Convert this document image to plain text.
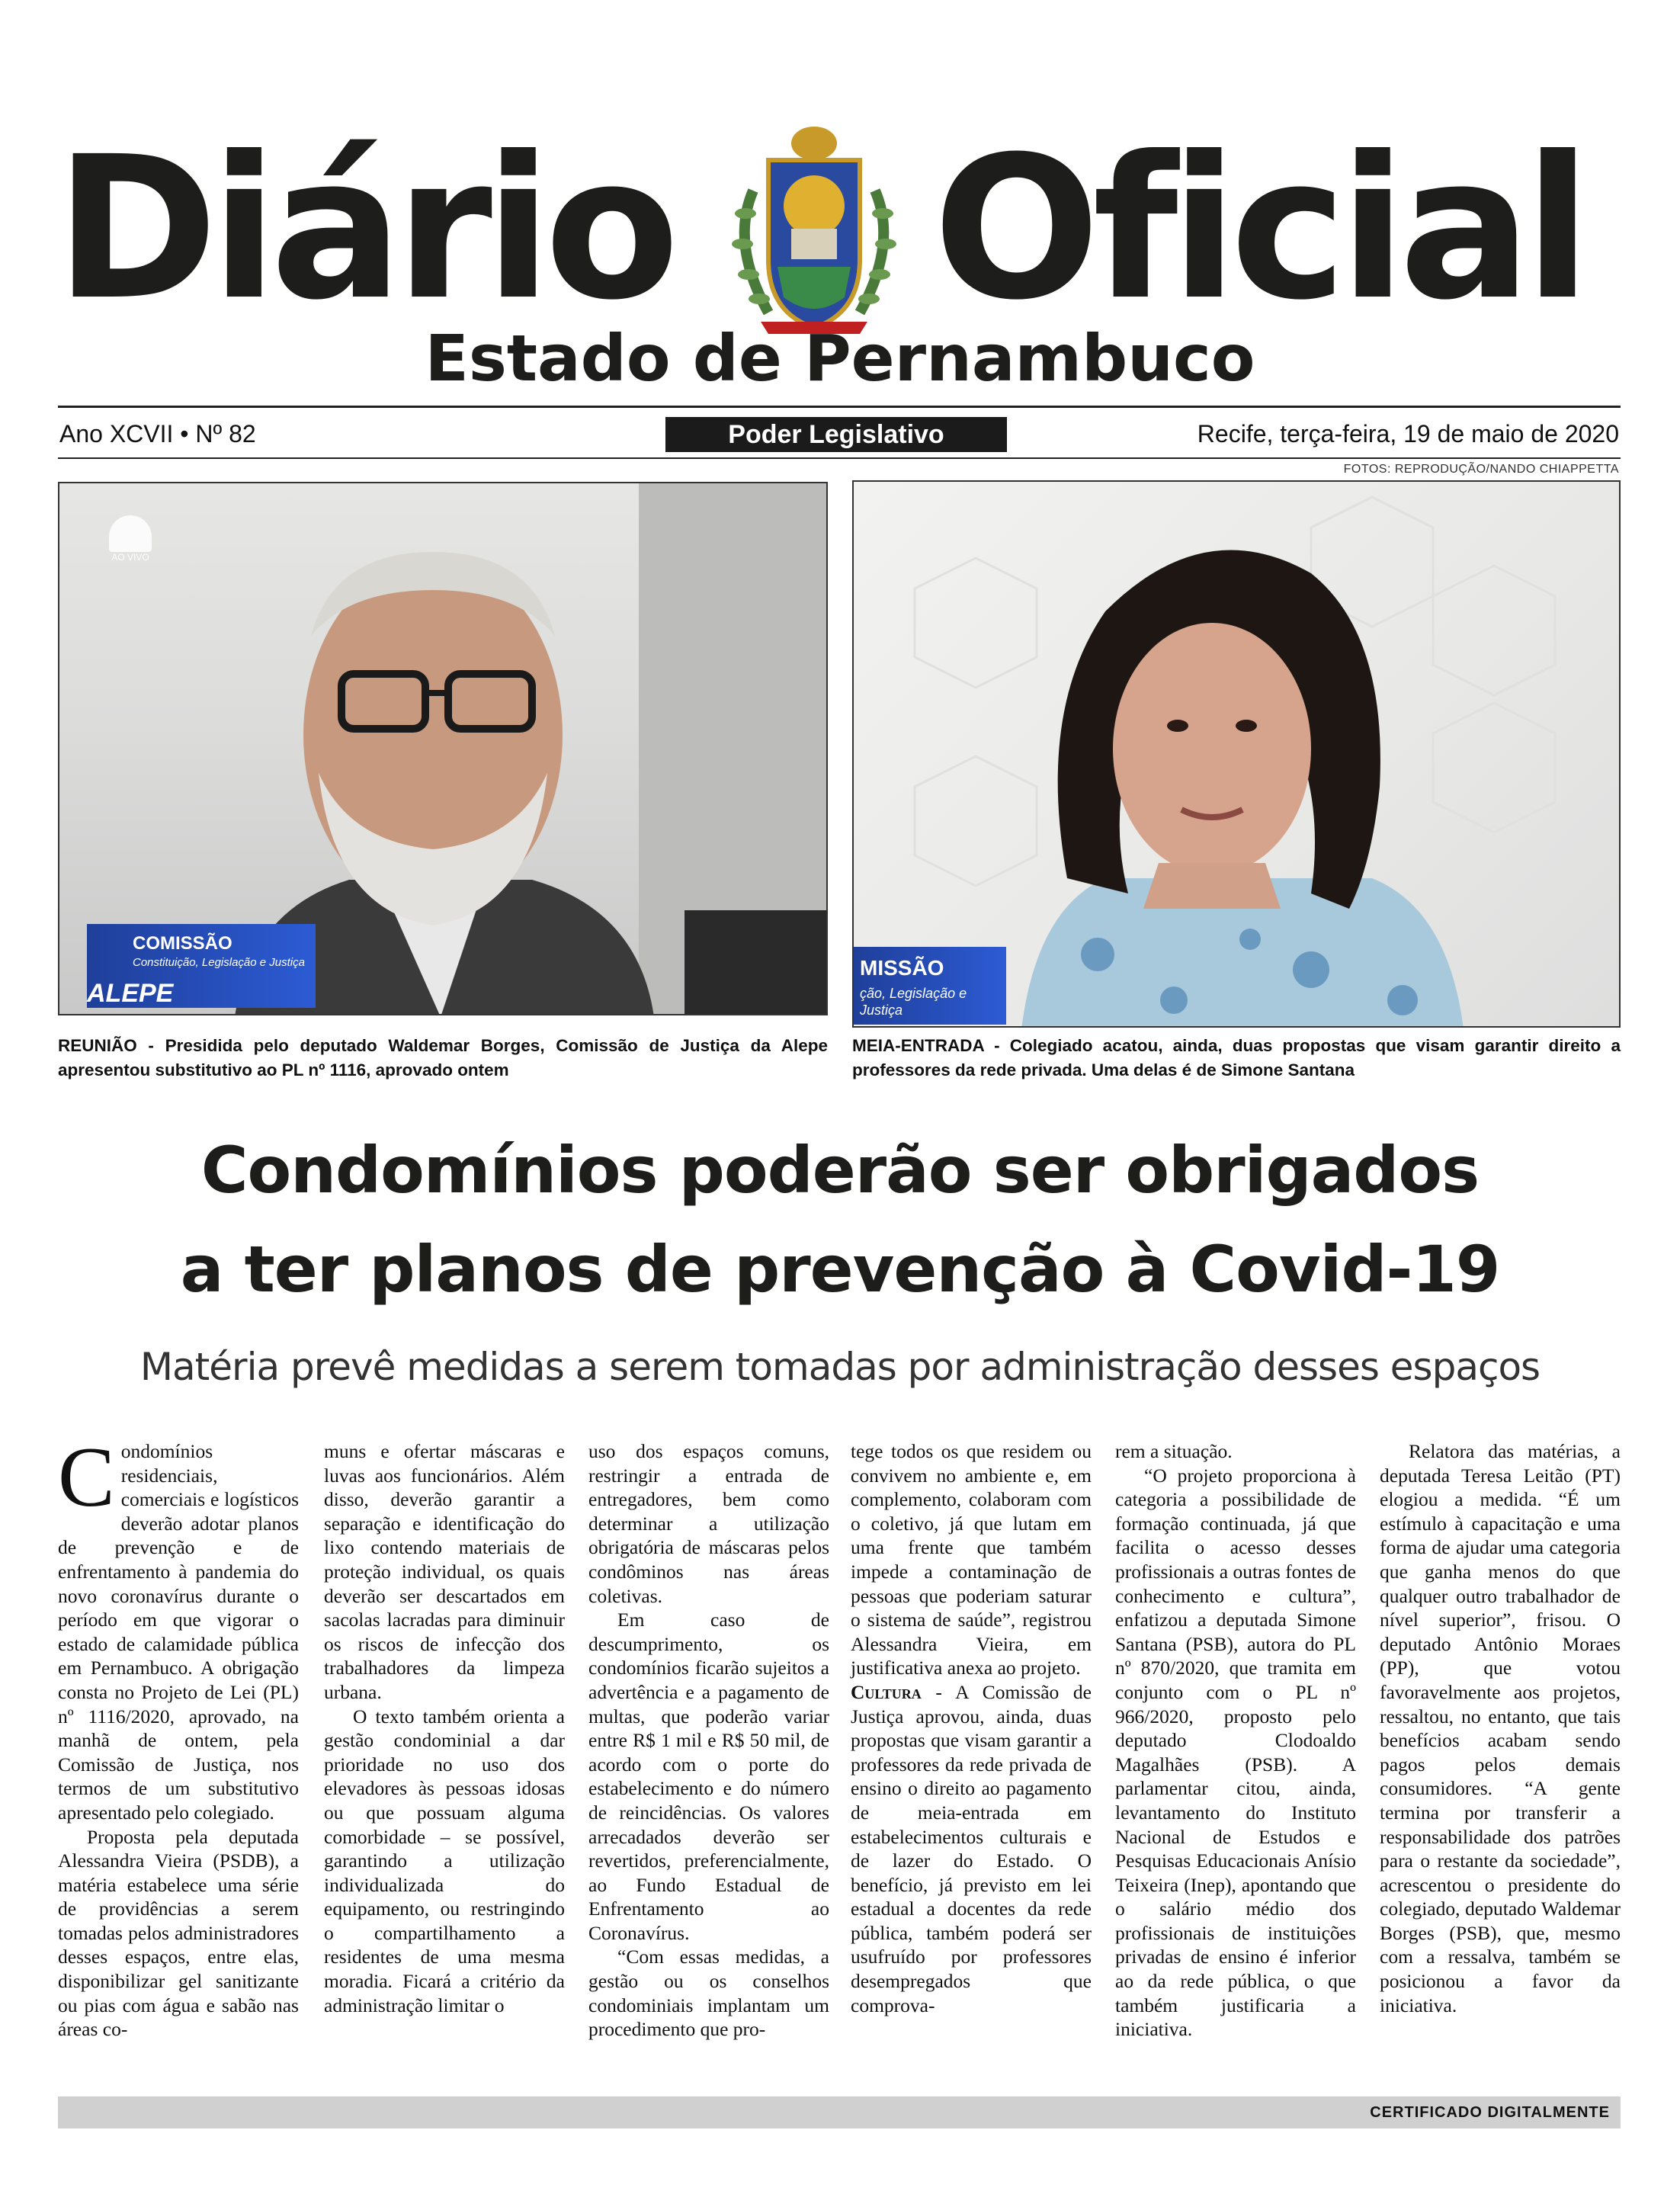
Diário Oficial
Estado de Pernambuco
Ano XCVII • Nº 82	Poder Legislativo	Recife, terça-feira, 19 de maio de 2020
FOTOS: REPRODUÇÃO/NANDO CHIAPPETTA
AO VIVO
COMISSÃO
Constituição, Legislação e Justiça
ALEPE
MISSÃO
ção, Legislação e Justiça
REUNIÃO - Presidida pelo deputado Waldemar Borges, Comissão de Justiça da Alepe apresentou substitutivo ao PL nº 1116, aprovado ontem
MEIA-ENTRADA - Colegiado acatou, ainda, duas propostas que visam garantir direito a professores da rede privada. Uma delas é de Simone Santana
Condomínios poderão ser obrigados
a ter planos de prevenção à Covid-19
Matéria prevê medidas a serem tomadas por administração desses espaços

Condomínios residenciais, comerciais e logísticos deverão adotar planos de prevenção e de enfrentamento à pandemia do novo coronavírus durante o período em que vigorar o estado de calamidade pública em Pernambuco. A obrigação consta no Projeto de Lei (PL) nº 1116/2020, aprovado, na manhã de ontem, pela Comissão de Justiça, nos termos de um substitutivo apresentado pelo colegiado.

Proposta pela deputada Alessandra Vieira (PSDB), a matéria estabelece uma série de providências a serem tomadas pelos administradores desses espaços, entre elas, disponibilizar gel sanitizante ou pias com água e sabão nas áreas co-

muns e ofertar máscaras e luvas aos funcionários. Além disso, deverão garantir a separação e identificação do lixo contendo materiais de proteção individual, os quais deverão ser descartados em sacolas lacradas para diminuir os riscos de infecção dos trabalhadores da limpeza urbana.

O texto também orienta a gestão condominial a dar prioridade no uso dos elevadores às pessoas idosas ou que possuam alguma comorbidade – se possível, garantindo a utilização individualizada do equipamento, ou restringindo o compartilhamento a residentes de uma mesma moradia. Ficará a critério da administração limitar o

uso dos espaços comuns, restringir a entrada de entregadores, bem como determinar a utilização obrigatória de máscaras pelos condôminos nas áreas coletivas.

Em caso de descumprimento, os condomínios ficarão sujeitos a advertência e a pagamento de multas, que poderão variar entre R$ 1 mil e R$ 50 mil, de acordo com o porte do estabelecimento e do número de reincidências. Os valores arrecadados deverão ser revertidos, preferencialmente, ao Fundo Estadual de Enfrentamento ao Coronavírus.

“Com essas medidas, a gestão ou os conselhos condominiais implantam um procedimento que pro-

tege todos os que residem ou convivem no ambiente e, em complemento, colaboram com o coletivo, já que lutam em uma frente que também impede a contaminação de pessoas que poderiam saturar o sistema de saúde”, registrou Alessandra Vieira, em justificativa anexa ao projeto.

Cultura - A Comissão de Justiça aprovou, ainda, duas propostas que visam garantir a professores da rede privada de ensino o direito ao pagamento de meia-entrada em estabelecimentos culturais e de lazer do Estado. O benefício, já previsto em lei estadual a docentes da rede pública, também poderá ser usufruído por professores desempregados que comprova-

rem a situação.

“O projeto proporciona à categoria a possibilidade de formação continuada, já que facilita o acesso desses profissionais a outras fontes de conhecimento e cultura”, enfatizou a deputada Simone Santana (PSB), autora do PL nº 870/2020, que tramita em conjunto com o PL nº 966/2020, proposto pelo deputado Clodoaldo Magalhães (PSB). A parlamentar citou, ainda, levantamento do Instituto Nacional de Estudos e Pesquisas Educacionais Anísio Teixeira (Inep), apontando que o salário médio dos profissionais de instituições privadas de ensino é inferior ao da rede pública, o que também justificaria a iniciativa.

Relatora das matérias, a deputada Teresa Leitão (PT) elogiou a medida. “É um estímulo à capacitação e uma forma de ajudar uma categoria que ganha menos do que qualquer outro trabalhador de nível superior”, frisou. O deputado Antônio Moraes (PP), que votou favoravelmente aos projetos, ressaltou, no entanto, que tais benefícios acabam sendo pagos pelos demais consumidores. “A gente termina por transferir a responsabilidade dos patrões para o restante da sociedade”, acrescentou o presidente do colegiado, deputado Waldemar Borges (PSB), que, mesmo com a ressalva, também se posicionou a favor da iniciativa.

CERTIFICADO DIGITALMENTE
